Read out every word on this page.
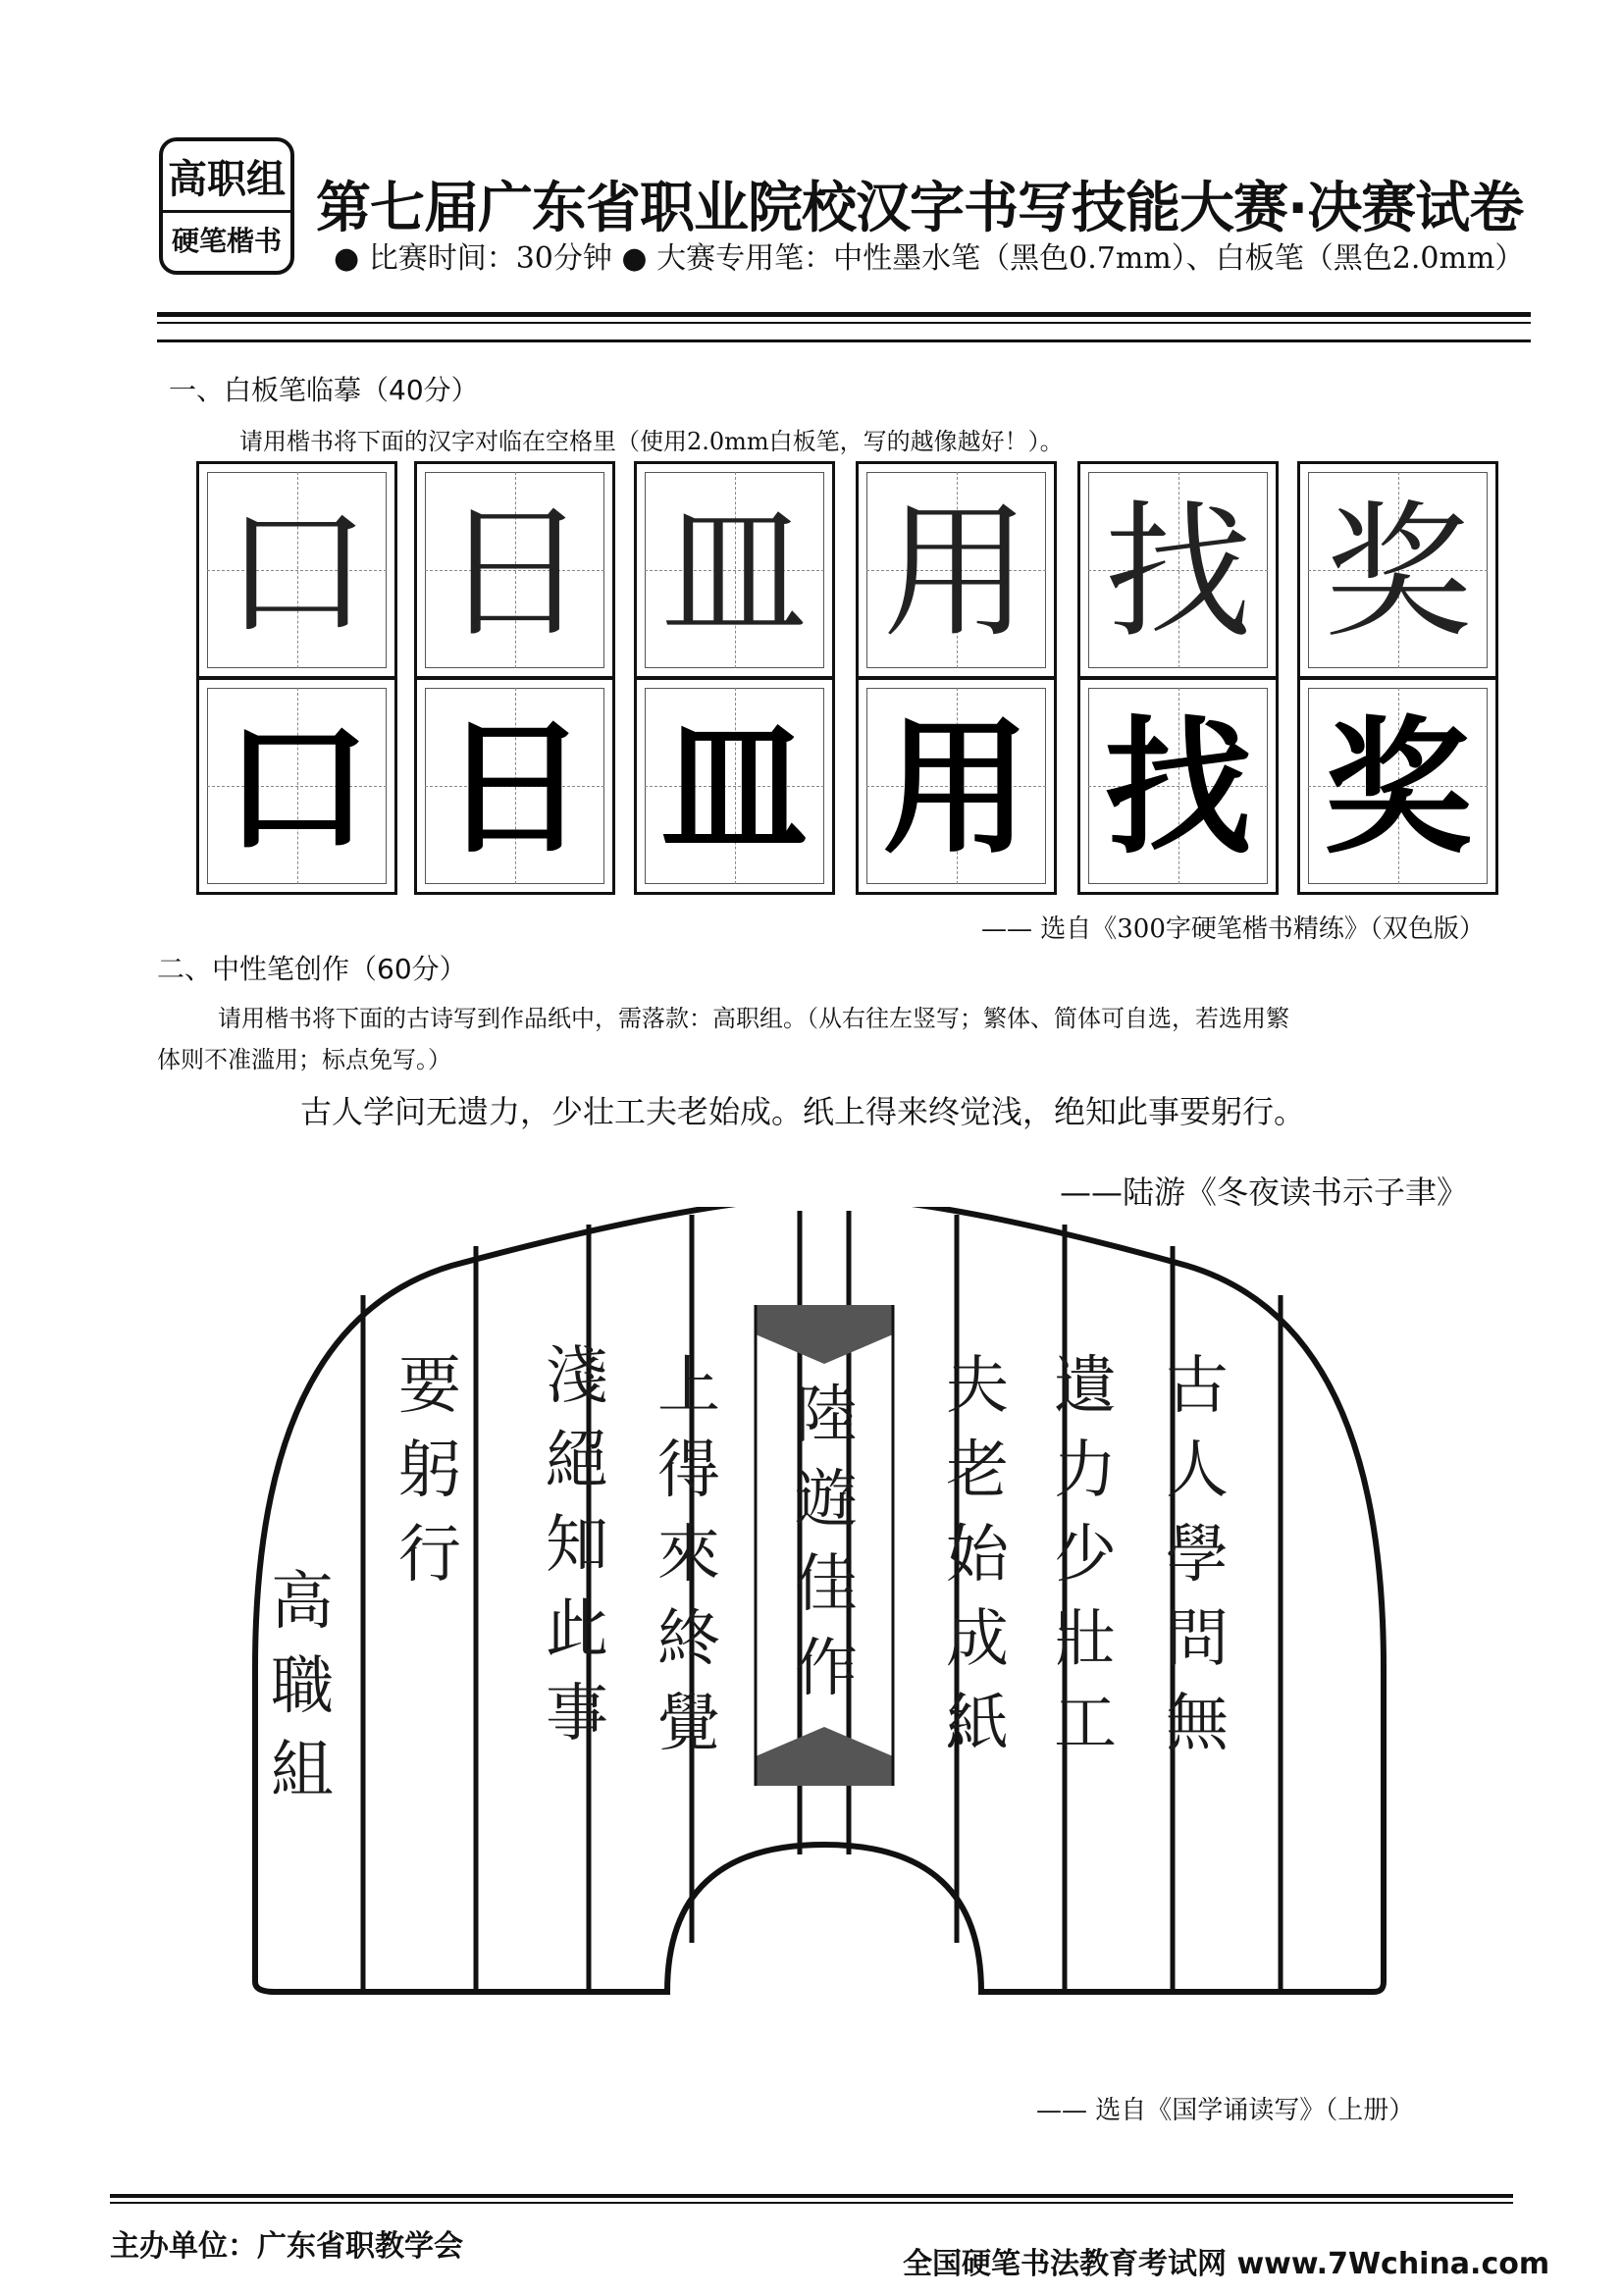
高职组
硬笔楷书
第七届广东省职业院校汉字书写技能大赛·决赛试卷
● 比赛时间：30分钟 ● 大赛专用笔：中性墨水笔（黑色0.7mm）、白板笔（黑色2.0mm）
一、白板笔临摹（40分）
请用楷书将下面的汉字对临在空格里（使用2.0mm白板笔，写的越像越好！）。
口 日 皿 用 找 奖
口 日 皿 用 找 奖
—— 选自《300字硬笔楷书精练》（双色版）
二、中性笔创作（60分）
请用楷书将下面的古诗写到作品纸中，需落款：高职组。（从右往左竖写；繁体、简体可自选，若选用繁
体则不准滥用；标点免写。）
古人学问无遗力，少壮工夫老始成。纸上得来终觉浅，绝知此事要躬行。
——陆游《冬夜读书示子聿》
古
人
學
問
無
遺
力
少
壯
工
夫
老
始
成
紙
陸
遊
佳
作
上
得
來
終
覺
淺
絕
知
此
事
要
躬
行
高
職
組
—— 选自《国学诵读写》（上册）
主办单位：广东省职教学会
全国硬笔书法教育考试网 www.7Wchina.com
